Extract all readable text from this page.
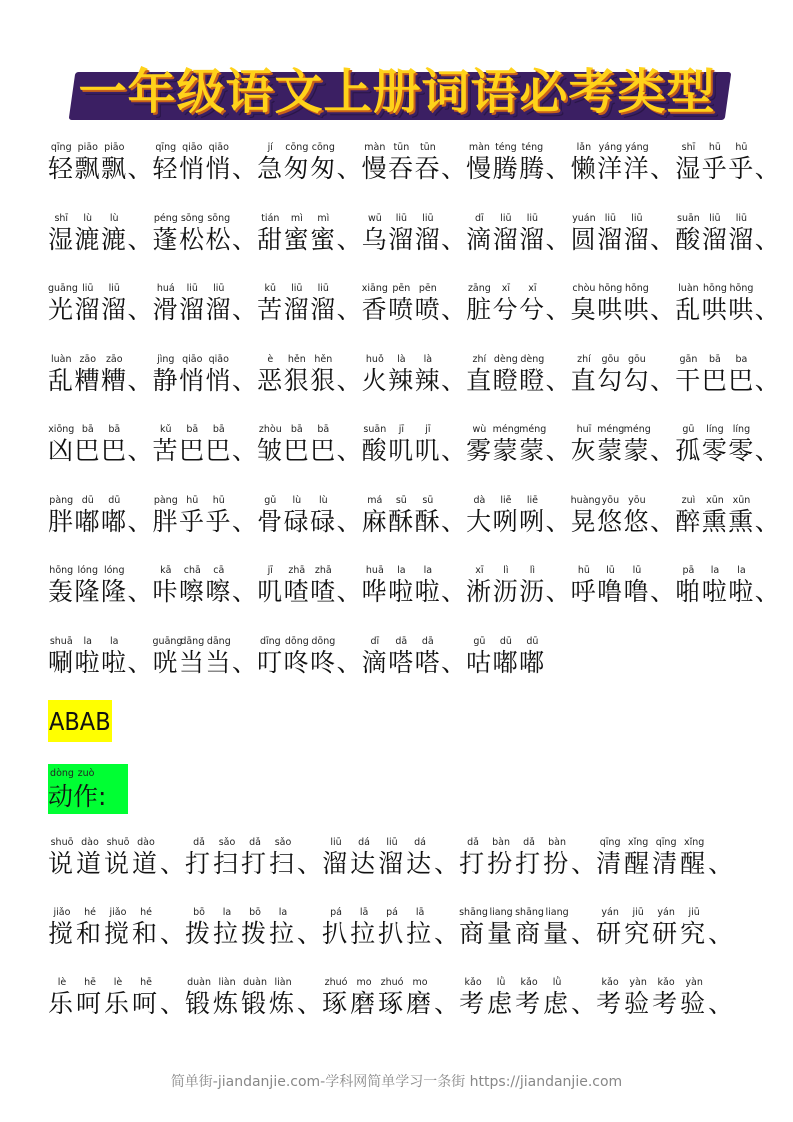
一年级语文上册词语必考类型
qīng piāo piāo
轻飘飘 、
qīng qiāo qiāo
轻悄悄 、
jí	cōng cōng
急匆匆 、
màn tūn	tūn
慢吞吞 、
màn téng téng
慢腾腾 、
lǎn yáng yáng
懒洋洋 、
shī	hū	hū
湿乎乎 、
shī	lù	lù
湿漉漉 、
péng sōng sōng
蓬松松 、
tián	mì	mì
甜蜜蜜 、
wū	liū	liū
乌溜溜 、
dī	liū	liū
滴溜溜 、
yuán liū	liū
圆溜溜 、
suān liū	liū
酸溜溜 、
guāng liū	liū
光溜溜 、
huá	liū	liū
滑溜溜 、
kǔ	liū	liū
苦溜溜 、
xiāng pēn pēn
香喷喷 、
zāng	xī	xī
脏兮兮 、
chòu hōng hōng
臭哄哄 、
luàn hōng hōng
乱哄哄 、
luàn zāo	zāo
乱糟糟 、
jìng qiāo qiāo
静悄悄 、
è	hěn hěn
恶狠狠 、
huǒ	là	là
火辣辣 、
zhí dèng dèng
直瞪瞪 、
zhí	gōu gōu
直勾勾 、
gān	bā	ba
干巴巴 、
xiōng bā	bā
凶巴巴 、
kǔ	bā	bā
苦巴巴 、
zhòu bā	bā
皱巴巴 、
suān	jī	jī
酸叽叽 、
wù méng méng
雾蒙蒙 、
huī méng méng
灰蒙蒙 、
gū	líng líng
孤零零 、
pàng dū	dū
胖嘟嘟 、
pàng hū	hū
胖乎乎 、
gǔ	lù	lù
骨碌碌 、
má	sū	sū
麻酥酥 、
dà	liē	liē
大咧咧 、
huàng yōu yōu
晃悠悠 、
zuì	xūn xūn
醉熏熏 、
hōng lóng lóng
轰隆隆 、
kā	chā	cā
咔嚓嚓 、
jī	zhā	zhā
叽喳喳 、
huā	la	la
哗啦啦 、
xī	lì	lì
淅沥沥 、
hū	lū	lū
呼噜噜 、
pā	la	la
啪啦啦 、
shuā	la	la
唰啦啦 、
guāng
dāng dāng
咣当当 、
dīng dōng dōng
叮咚咚 、
dī	dā	dā
滴嗒嗒 、
gū	dū	dū
咕嘟嘟
ABAB
dòng zuò
动作:
shuō dào shuō dào
说道说道 、
dǎ	sǎo	dǎ	sǎo
打扫打扫 、
liū	dá	liū	dá
溜达溜达 、
dǎ	bàn	dǎ	bàn
打扮打扮 、
qīng xǐng qīng xǐng
清醒清醒 、
jiǎo	hé	jiǎo	hé
搅和搅和 、
bō	la	bō	la
拨拉拨拉 、
pá	lā	pá	lā
扒拉扒拉 、
shāng liang shāng liang
商量商量 、
yán	jiū	yán	jiū
研究研究 、
lè	hē	lè	hē
乐呵乐呵 、
duàn liàn duàn liàn
锻炼锻炼 、
zhuó mo zhuó mo
琢磨琢磨 、
kǎo	lǜ	kǎo	lǜ
考虑考虑 、
kǎo	yàn	kǎo	yàn
考验考验 、
简单街-jiandanjie.com-学科网简单学习一条街 https://jiandanjie.com
